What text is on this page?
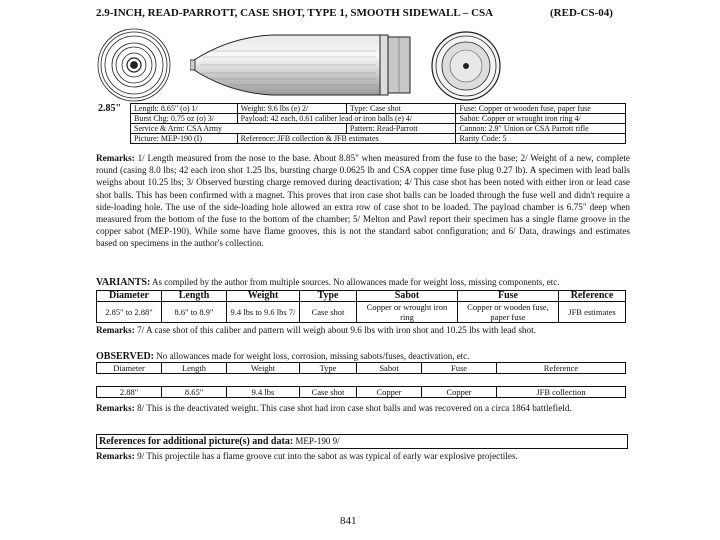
2.9-INCH, READ-PARROTT, CASE SHOT, TYPE 1, SMOOTH SIDEWALL – CSA	(RED-CS-04)
2.85" Length: 8.65" (o) 1/	Weight: 9.6 lbs (e) 2/	Type: Case shot	Fuse: Copper or wooden fuse, paper fuse
Burst Chg: 0.75 oz (o) 3/	Payload: 42 each, 0.61 caliber lead or iron balls (e) 4/		Sabot: Copper or wrought iron ring 4/
Service & Arm: CSA Army		Pattern: Read-Parrott	Cannon: 2.9" Union or CSA Parrott rifle
Picture: MEP-190 (I)	Reference: JFB collection & JFB estimates		Rarity Code: 5
Remarks: 1/ Length measured from the nose to the base. About 8.85" when measured from the fuse to the base; 2/ Weight of a new, complete round (casing 8.0 lbs; 42 each iron shot 1.25 lbs, bursting charge 0.0625 lb and CSA copper time fuse plug 0.27 lb). A specimen with lead balls weighs about 10.25 lbs; 3/ Observed bursting charge removed during deactivation; 4/ This case shot has been noted with either iron or lead case shot balls. This has been confirmed with a magnet. This proves that iron case shot balls can be loaded through the fuse well and didn't require a side-loading hole. The use of the side-loading hole allowed an extra row of case shot to be loaded. The payload chamber is 6.75" deep when measured from the bottom of the fuse to the bottom of the chamber; 5/ Melton and Pawl report their specimen has a single flame groove in the copper sabot (MEP-190). While some have flame grooves, this is not the standard sabot configuration; and 6/ Data, drawings and estimates based on specimens in the author's collection.
VARIANTS: As compiled by the author from multiple sources. No allowances made for weight loss, missing components, etc.
Diameter	Length	Weight	Type	Sabot	Fuse	Reference
2.85" to 2.88"	8.6" to 8.9"	9.4 lbs to 9.6 lbs 7/	Case shot	Copper or wrought iron ring	Copper or wooden fuse, paper fuse	JFB estimates
Remarks: 7/ A case shot of this caliber and pattern will weigh about 9.6 lbs with iron shot and 10.25 lbs with lead shot.
OBSERVED: No allowances made for weight loss, corrosion, missing sabots/fuses, deactivation, etc.
Diameter	Length	Weight	Type	Sabot	Fuse	Reference
2.88"	8.65"	9.4 lbs	Case shot	Copper	Copper	JFB collection
Remarks: 8/ This is the deactivated weight. This case shot had iron case shot balls and was recovered on a circa 1864 battlefield.
References for additional picture(s) and data: MEP-190 9/
Remarks: 9/ This projectile has a flame groove cut into the sabot as was typical of early war explosive projectiles.
841
